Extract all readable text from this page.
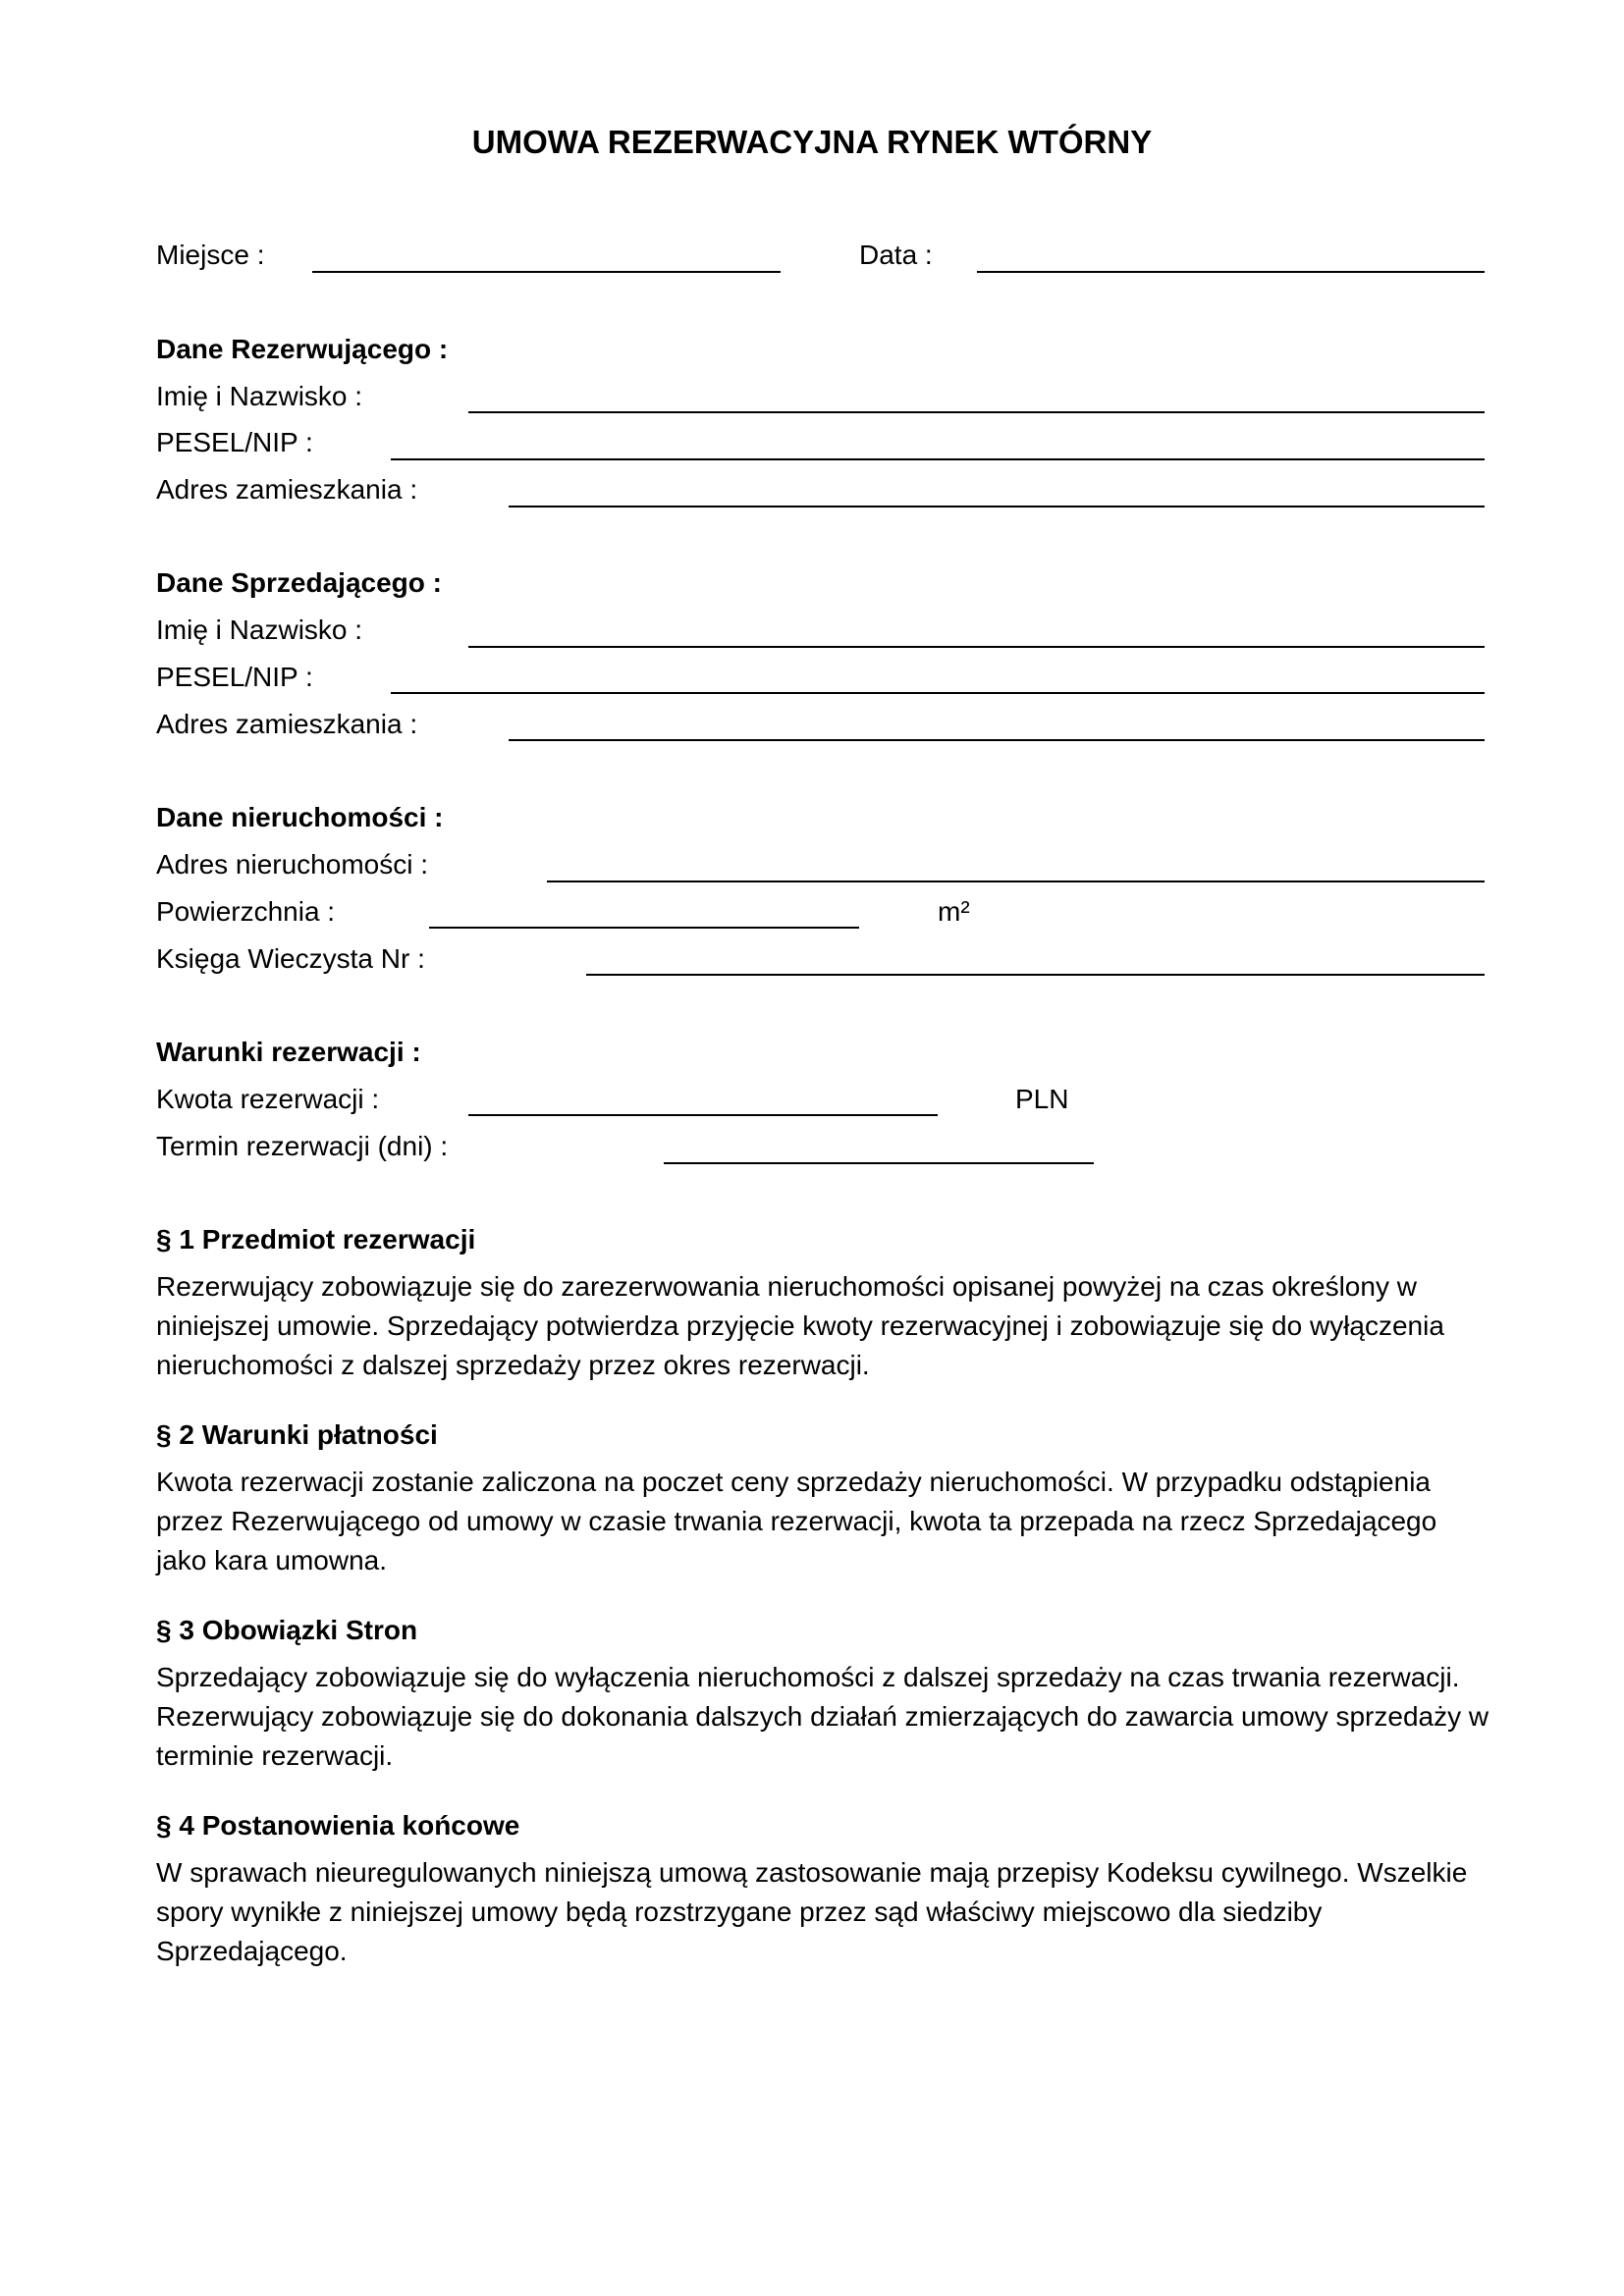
UMOWA REZERWACYJNA RYNEK WTÓRNY
Miejsce :	Data :
Dane Rezerwującego :
Imię i Nazwisko :
PESEL/NIP :
Adres zamieszkania :
Dane Sprzedającego :
Imię i Nazwisko :
PESEL/NIP :
Adres zamieszkania :
Dane nieruchomości :
Adres nieruchomości :
Powierzchnia :	m²
Księga Wieczysta Nr :
Warunki rezerwacji :
Kwota rezerwacji :	PLN
Termin rezerwacji (dni) :
§ 1 Przedmiot rezerwacji
Rezerwujący zobowiązuje się do zarezerwowania nieruchomości opisanej powyżej na czas określony w niniejszej umowie. Sprzedający potwierdza przyjęcie kwoty rezerwacyjnej i zobowiązuje się do wyłączenia nieruchomości z dalszej sprzedaży przez okres rezerwacji.
§ 2 Warunki płatności
Kwota rezerwacji zostanie zaliczona na poczet ceny sprzedaży nieruchomości. W przypadku odstąpienia przez Rezerwującego od umowy w czasie trwania rezerwacji, kwota ta przepada na rzecz Sprzedającego jako kara umowna.
§ 3 Obowiązki Stron
Sprzedający zobowiązuje się do wyłączenia nieruchomości z dalszej sprzedaży na czas trwania rezerwacji. Rezerwujący zobowiązuje się do dokonania dalszych działań zmierzających do zawarcia umowy sprzedaży w terminie rezerwacji.
§ 4 Postanowienia końcowe
W sprawach nieuregulowanych niniejszą umową zastosowanie mają przepisy Kodeksu cywilnego. Wszelkie spory wynikłe z niniejszej umowy będą rozstrzygane przez sąd właściwy miejscowo dla siedziby Sprzedającego.
